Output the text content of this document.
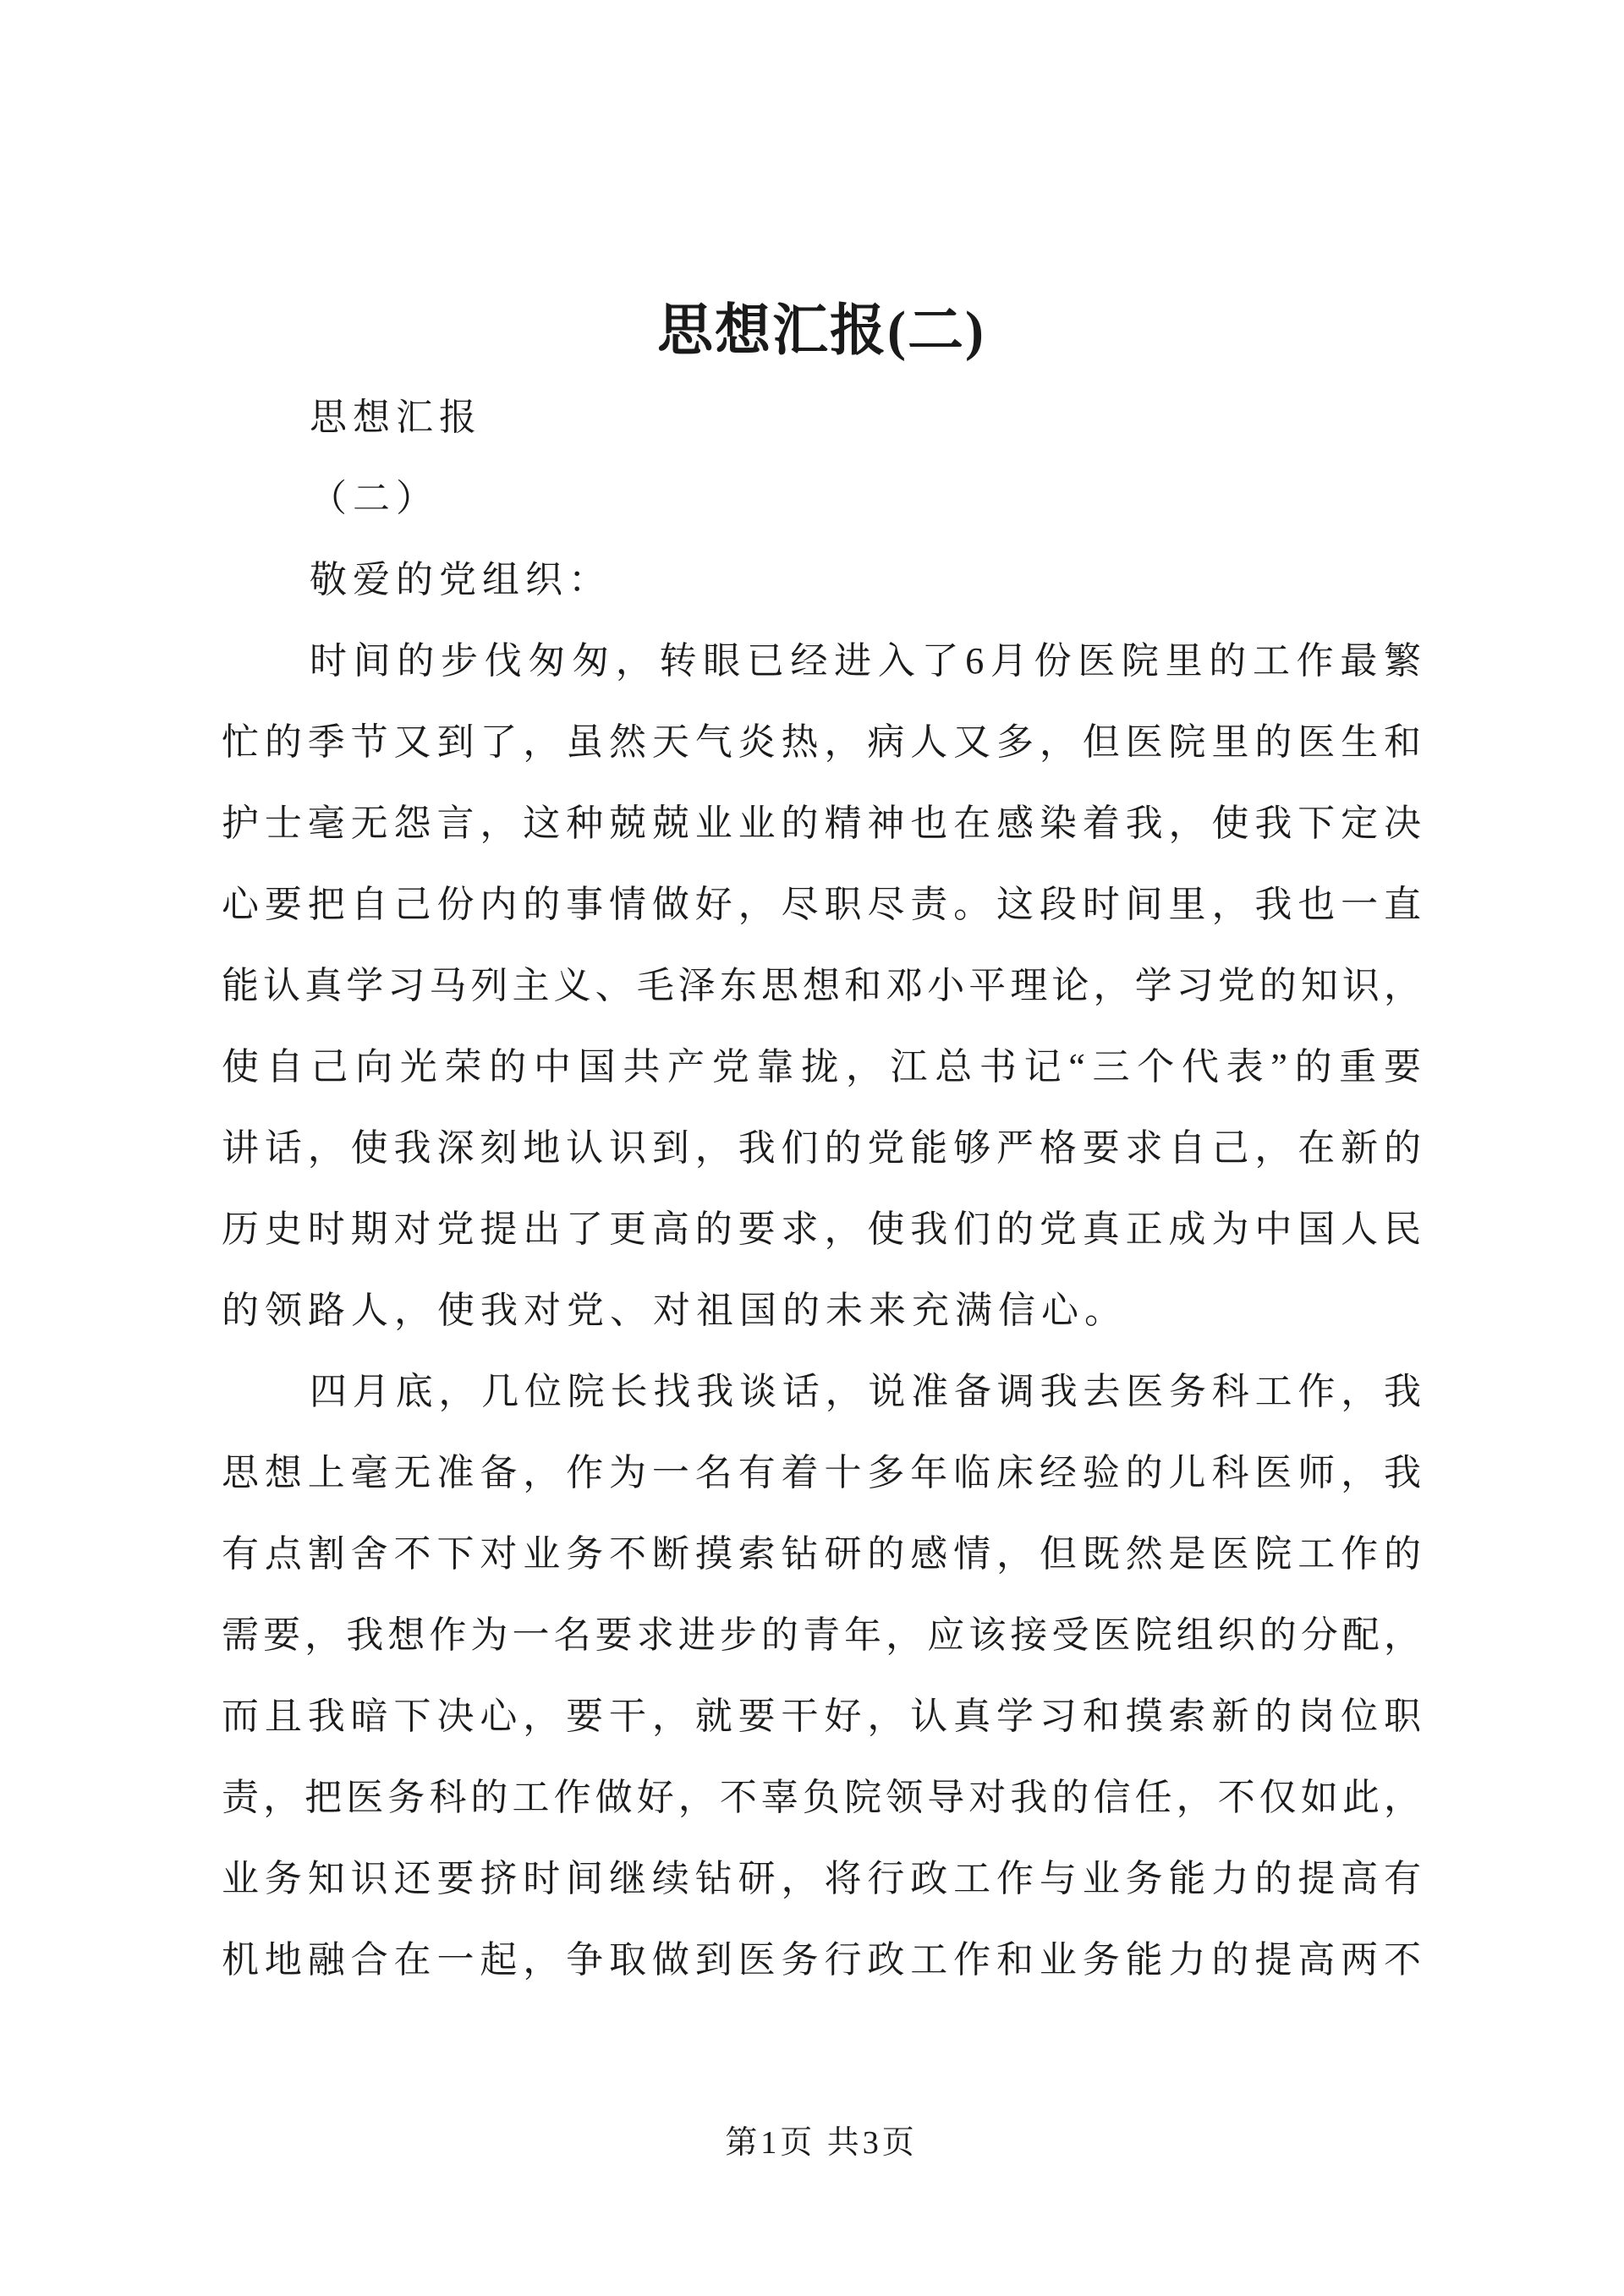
思想汇报(二)
思想汇报
（二）
敬爱的党组织：
时间的步伐匆匆，转眼已经进入了6月份医院里的工作最繁
忙的季节又到了，虽然天气炎热，病人又多，但医院里的医生和
护士毫无怨言，这种兢兢业业的精神也在感染着我，使我下定决
心要把自己份内的事情做好，尽职尽责。这段时间里，我也一直
能认真学习马列主义、毛泽东思想和邓小平理论，学习党的知识，
使自己向光荣的中国共产党靠拢，江总书记“三个代表”的重要
讲话，使我深刻地认识到，我们的党能够严格要求自己，在新的
历史时期对党提出了更高的要求，使我们的党真正成为中国人民
的领路人，使我对党、对祖国的未来充满信心。
四月底，几位院长找我谈话，说准备调我去医务科工作，我
思想上毫无准备，作为一名有着十多年临床经验的儿科医师，我
有点割舍不下对业务不断摸索钻研的感情，但既然是医院工作的
需要，我想作为一名要求进步的青年，应该接受医院组织的分配，
而且我暗下决心，要干，就要干好，认真学习和摸索新的岗位职
责，把医务科的工作做好，不辜负院领导对我的信任，不仅如此，
业务知识还要挤时间继续钻研，将行政工作与业务能力的提高有
机地融合在一起，争取做到医务行政工作和业务能力的提高两不
第1页 共3页
